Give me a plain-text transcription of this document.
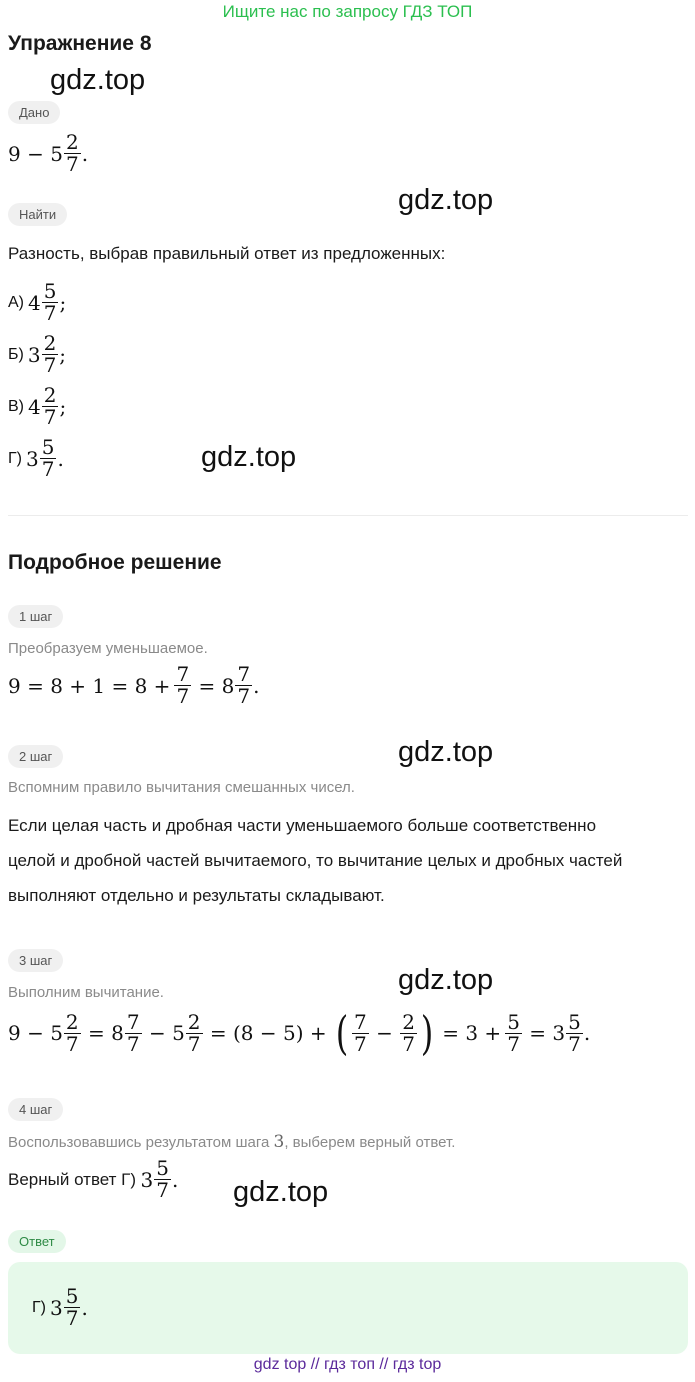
Ищите нас по запросу ГДЗ ТОП
Упражнение 8
gdz.top
Дано
9
−
$5 \frac{2}{7}$ .
gdz.top
Найти
Разность, выбрав правильный ответ из предложенных:
А) $4 \frac{5}{7}$ ;
Б) $3 \frac{2}{7}$ ;
В) $4 \frac{2}{7}$ ;
Г) $3 \frac{5}{7}$ .	gdz.top
Подробное решение
1 шаг
Преобразуем уменьшаемое.
$9 = 8 + 1 = 8 + \frac{7}{7}$
= $8 \frac{7}{7}$ .
gdz.top
2 шаг
Вспомним правило вычитания смешанных чисел.
Если целая часть и дробная части уменьшаемого больше соответственно
целой и дробной частей вычитаемого, то вычитание целых и дробных частей
выполняют отдельно и результаты складывают.
3 шаг
gdz.top
Выполним вычитание.
$9 - 5 \frac{2}{7}$
= $8 \frac{7}{7}$
− $5 \frac{2}{7}$
= (8 − 5) +
( $\frac{7}{7}$
−
$\frac{2}{7}$ )
= $3 + \frac{5}{7}$
= $3 \frac{5}{7}$ .
4 шаг
Воспользовавшись результатом шага
3 , выберем верный ответ.
Верный ответ Г)
$3 \frac{5}{7}$ . gdz.top
Ответ
Г) $3 \frac{5}{7}$ .
gdz top // гдз топ // гдз top
